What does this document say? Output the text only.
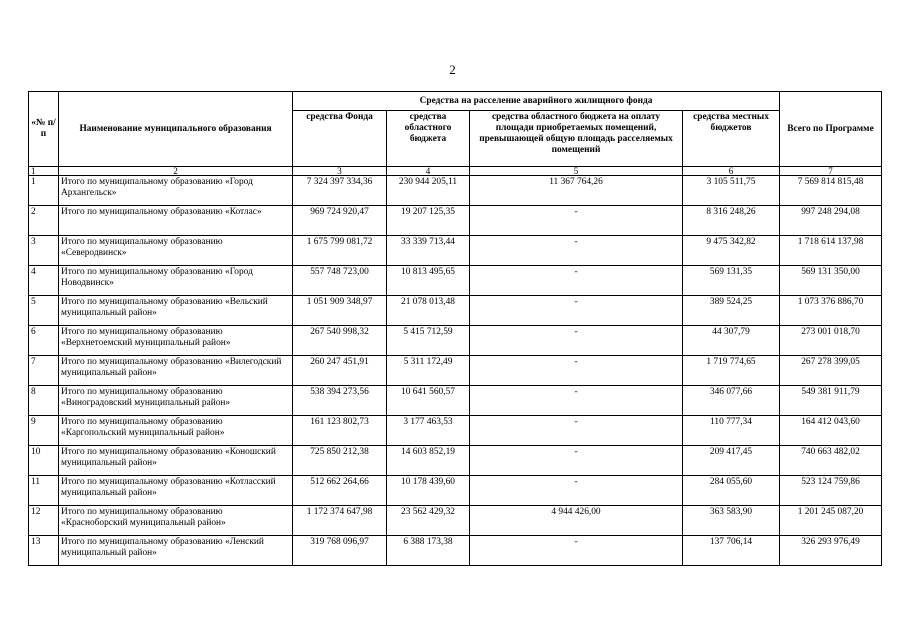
2
«№ п/п	Наименование муниципального образования	Средства на расселение аварийного жилищного фонда				Всего по Программе
		средства Фонда	средства областного бюджета	средства областного бюджета на оплату площади приобретаемых помещений, превышающей общую площадь расселяемых помещений	средства местных бюджетов	
1	2	3	4	5	6	7
1	Итого по муниципальному образованию «Город Архангельск»	7 324 397 334,36	230 944 205,11	11 367 764,26	3 105 511,75	7 569 814 815,48
2	Итого по муниципальному образованию «Котлас»	969 724 920,47	19 207 125,35	-	8 316 248,26	997 248 294,08
3	Итого по муниципальному образованию «Северодвинск»	1 675 799 081,72	33 339 713,44	-	9 475 342,82	1 718 614 137,98
4	Итого по муниципальному образованию «Город Новодвинск»	557 748 723,00	10 813 495,65	-	569 131,35	569 131 350,00
5	Итого по муниципальному образованию «Вельский муниципальный район»	1 051 909 348,97	21 078 013,48	-	389 524,25	1 073 376 886,70
6	Итого по муниципальному образованию «Верхнетоемский муниципальный район»	267 540 998,32	5 415 712,59	-	44 307,79	273 001 018,70
7	Итого по муниципальному образованию «Вилегодский муниципальный район»	260 247 451,91	5 311 172,49	-	1 719 774,65	267 278 399,05
8	Итого по муниципальному образованию «Виноградовский муниципальный район»	538 394 273,56	10 641 560,57	-	346 077,66	549 381 911,79
9	Итого по муниципальному образованию «Каргопольский муниципальный район»	161 123 802,73	3 177 463,53	-	110 777,34	164 412 043,60
10	Итого по муниципальному образованию «Коношский муниципальный район»	725 850 212,38	14 603 852,19	-	209 417,45	740 663 482,02
11	Итого по муниципальному образованию «Котласский муниципальный район»	512 662 264,66	10 178 439,60	-	284 055,60	523 124 759,86
12	Итого по муниципальному образованию «Красноборский муниципальный район»	1 172 374 647,98	23 562 429,32	4 944 426,00	363 583,90	1 201 245 087,20
13	Итого по муниципальному образованию «Ленский муниципальный район»	319 768 096,97	6 388 173,38	-	137 706,14	326 293 976,49
